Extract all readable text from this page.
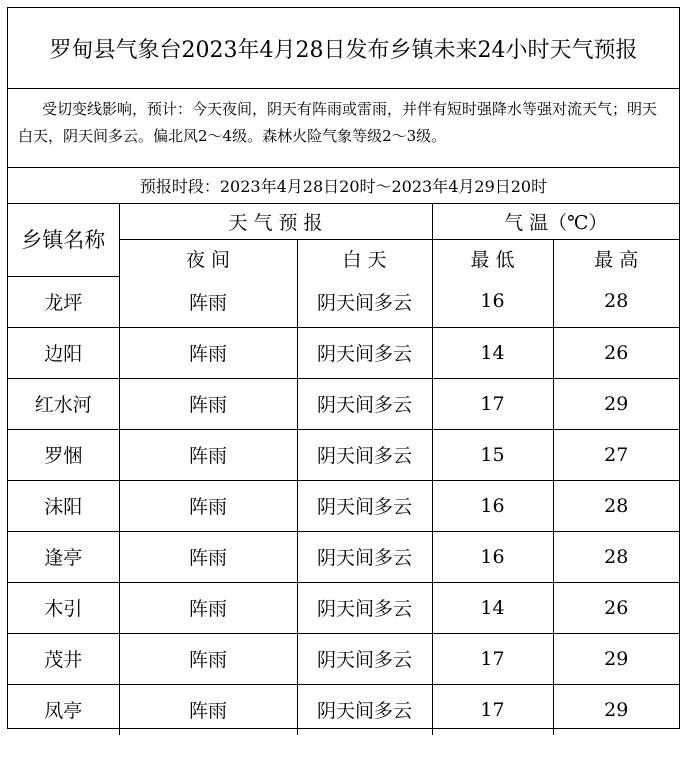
罗甸县气象台2023年4月28日发布乡镇未来24小时天气预报
受切变线影响，预计：今天夜间，阴天有阵雨或雷雨，并伴有短时强降水等强对流天气；明天白天，阴天间多云。偏北风2～4级。森林火险气象等级2～3级。
预报时段：2023年4月28日20时～2023年4月29日20时
乡镇名称	天 气 预 报		气 温（℃）	
	夜 间	白 天	最 低	最 高
龙坪	阵雨	阴天间多云	16	28
边阳	阵雨	阴天间多云	14	26
红水河	阵雨	阴天间多云	17	29
罗悃	阵雨	阴天间多云	15	27
沫阳	阵雨	阴天间多云	16	28
逢亭	阵雨	阴天间多云	16	28
木引	阵雨	阴天间多云	14	26
茂井	阵雨	阴天间多云	17	29
凤亭	阵雨	阴天间多云	17	29
